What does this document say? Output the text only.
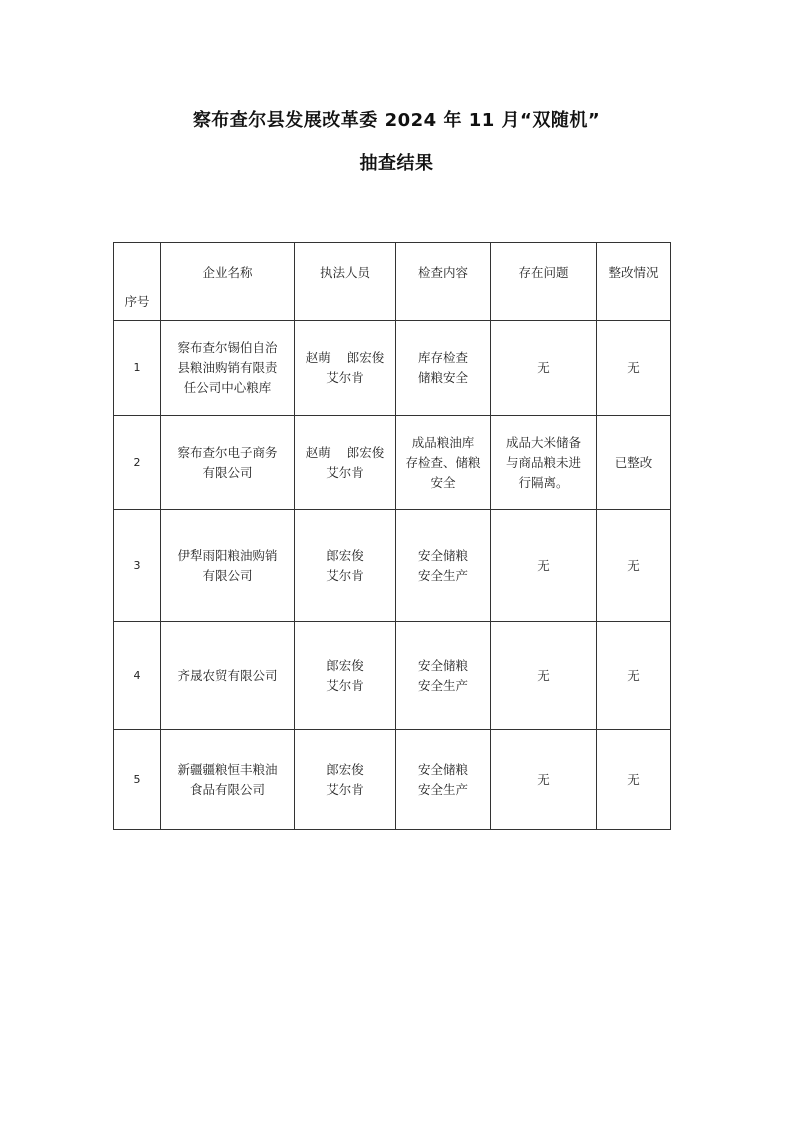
察布查尔县发展改革委 2024 年 11 月“双随机”
抽查结果
序号	企业名称	执法人员	检查内容	存在问题	整改情况
1	察布查尔锡伯自治
县粮油购销有限责
任公司中心粮库	赵萌 郎宏俊
艾尔肯	库存检查
储粮安全	无	无
2	察布查尔电子商务
有限公司	赵萌 郎宏俊
艾尔肯	成品粮油库
存检查、储粮
安全	成品大米储备
与商品粮未进
行隔离。	已整改
3	伊犁雨阳粮油购销
有限公司	郎宏俊
艾尔肯	安全储粮
安全生产	无	无
4	齐晟农贸有限公司	郎宏俊
艾尔肯	安全储粮
安全生产	无	无
5	新疆疆粮恒丰粮油
食品有限公司	郎宏俊
艾尔肯	安全储粮
安全生产	无	无
